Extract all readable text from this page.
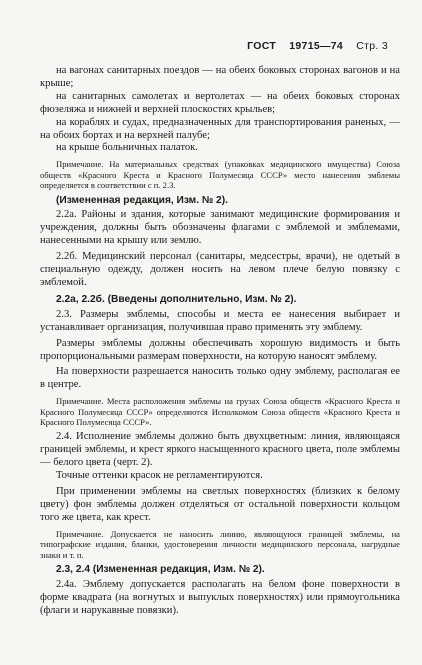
ГОСТ 19715—74 Стр. 3

на вагонах санитарных поездов — на обеих боковых сторонах вагонов и на крыше;

на санитарных самолетах и вертолетах — на обеих боковых сторонах фюзеляжа и нижней и верхней плоскостях крыльев;

на кораблях и судах, предназначенных для транспортирования раненых, — на обоих бортах и на верхней палубе;

на крыше больничных палаток.

Примечание. На материальных средствах (упаковках медицинского имущества) Союза обществ «Красного Креста и Красного Полумесяца СССР» место нанесения эмблемы определяется в соответствии с п. 2.3.

(Измененная редакция, Изм. № 2).

2.2а. Районы и здания, которые занимают медицинские формирования и учреждения, должны быть обозначены флагами с эмблемой и эмблемами, нанесенными на крышу или землю.

2.2б. Медицинский персонал (санитары, медсестры, врачи), не одетый в специальную одежду, должен носить на левом плече белую повязку с эмблемой.

2.2а, 2.2б. (Введены дополнительно, Изм. № 2).

2.3. Размеры эмблемы, способы и места ее нанесения выбирает и устанавливает организация, получившая право применять эту эмблему.

Размеры эмблемы должны обеспечивать хорошую видимость и быть пропорциональными размерам поверхности, на которую наносят эмблему.

На поверхности разрешается наносить только одну эмблему, располагая ее в центре.

Примечание. Места расположения эмблемы на грузах Союза обществ «Красного Креста и Красного Полумесяца СССР» определяются Исполкомом Союза обществ «Красного Креста и Красного Полумесяца СССР».

2.4. Исполнение эмблемы должно быть двухцветным: линия, являющаяся границей эмблемы, и крест яркого насыщенного красного цвета, поле эмблемы — белого цвета (черт. 2).

Точные оттенки красок не регламентируются.

При применении эмблемы на светлых поверхностях (близких к белому цвету) фон эмблемы должен отделяться от остальной поверхности кольцом того же цвета, как крест.

Примечание. Допускается не наносить линию, являющуюся границей эмблемы, на типографские издания, бланки, удостоверения личности медицинского персонала, нагрудные знаки и т. п.

2.3, 2.4 (Измененная редакция, Изм. № 2).

2.4а. Эмблему допускается располагать на белом фоне поверхности в форме квадрата (на вогнутых и выпуклых поверхностях) или прямоугольника (флаги и нарукавные повязки).
